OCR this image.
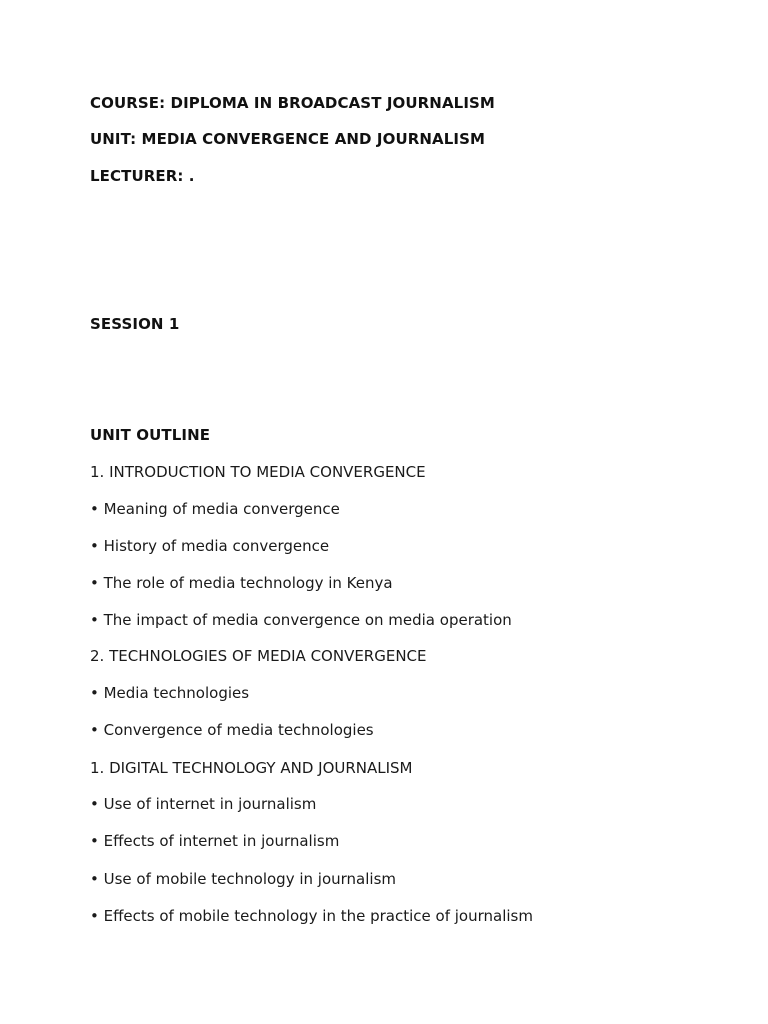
COURSE: DIPLOMA IN BROADCAST JOURNALISM
UNIT: MEDIA CONVERGENCE AND JOURNALISM
LECTURER: .
SESSION 1
UNIT OUTLINE
1. INTRODUCTION TO MEDIA CONVERGENCE
• Meaning of media convergence
• History of media convergence
• The role of media technology in Kenya
• The impact of media convergence on media operation
2. TECHNOLOGIES OF MEDIA CONVERGENCE
• Media technologies
• Convergence of media technologies
1. DIGITAL TECHNOLOGY AND JOURNALISM
• Use of internet in journalism
• Effects of internet in journalism
• Use of mobile technology in journalism
• Effects of mobile technology in the practice of journalism
